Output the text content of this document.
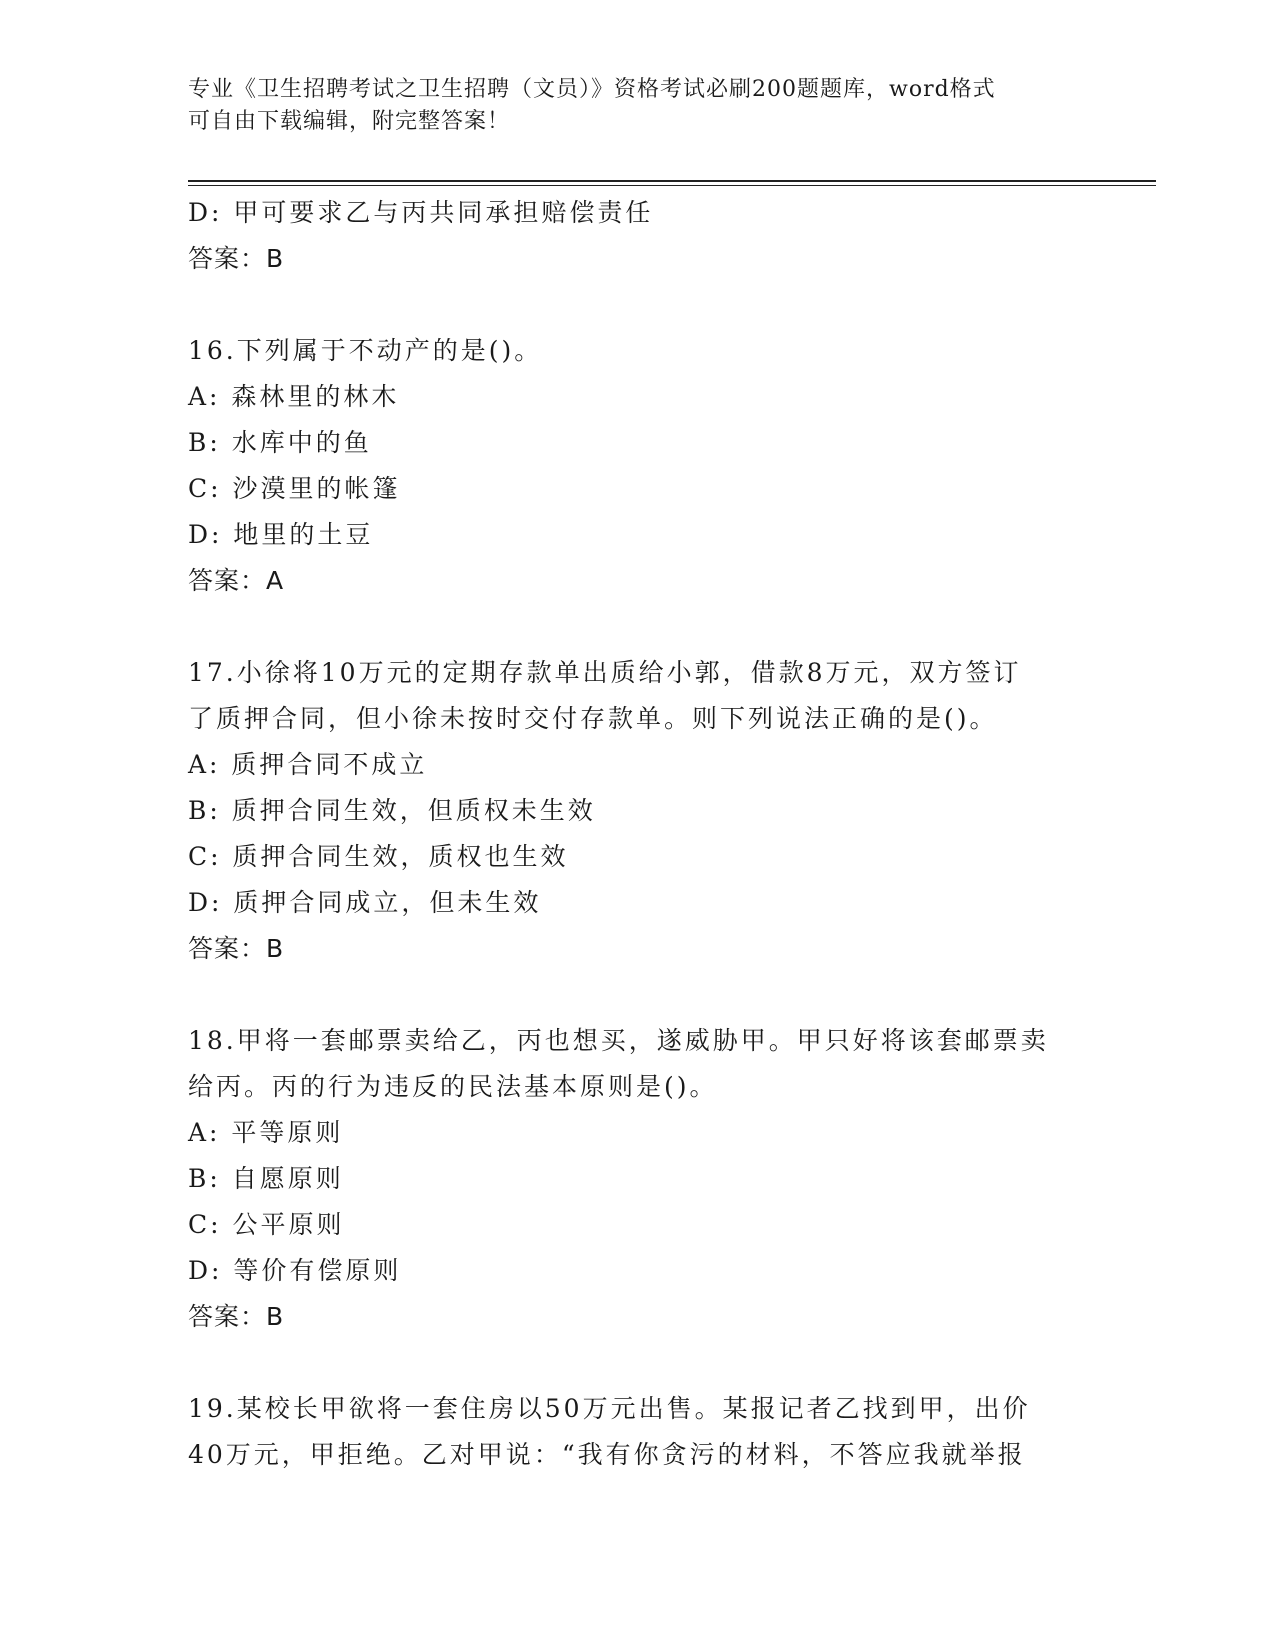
专业《卫生招聘考试之卫生招聘（文员）》资格考试必刷200题题库，word格式
可自由下载编辑，附完整答案！
D: 甲可要求乙与丙共同承担赔偿责任
答案：B
16.下列属于不动产的是()。
A: 森林里的林木
B: 水库中的鱼
C: 沙漠里的帐篷
D: 地里的土豆
答案：A
17.小徐将10万元的定期存款单出质给小郭，借款8万元，双方签订
了质押合同，但小徐未按时交付存款单。则下列说法正确的是()。
A: 质押合同不成立
B: 质押合同生效，但质权未生效
C: 质押合同生效，质权也生效
D: 质押合同成立，但未生效
答案：B
18.甲将一套邮票卖给乙，丙也想买，遂威胁甲。甲只好将该套邮票卖
给丙。丙的行为违反的民法基本原则是()。
A: 平等原则
B: 自愿原则
C: 公平原则
D: 等价有偿原则
答案：B
19.某校长甲欲将一套住房以50万元出售。某报记者乙找到甲，出价
40万元，甲拒绝。乙对甲说：“我有你贪污的材料，不答应我就举报
